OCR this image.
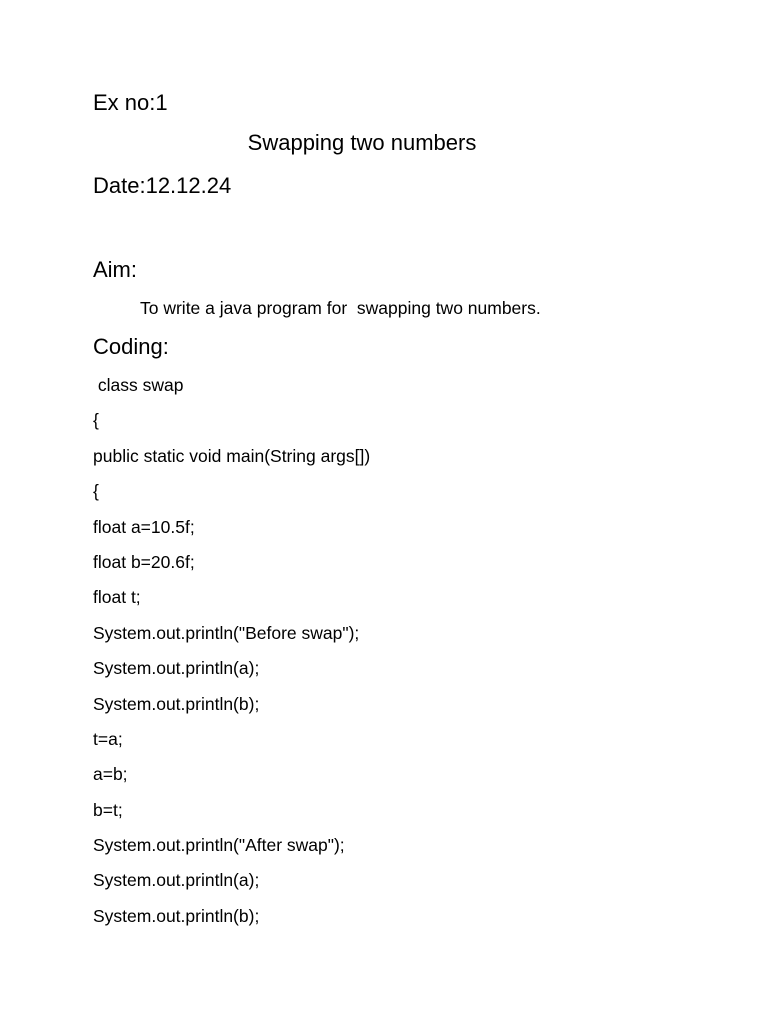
Ex no:1
Swapping two numbers
Date:12.12.24
Aim:
To write a java program for  swapping two numbers.
Coding:
class swap
{
public static void main(String args[])
{
float a=10.5f;
float b=20.6f;
float t;
System.out.println("Before swap");
System.out.println(a);
System.out.println(b);
t=a;
a=b;
b=t;
System.out.println("After swap");
System.out.println(a);
System.out.println(b);
